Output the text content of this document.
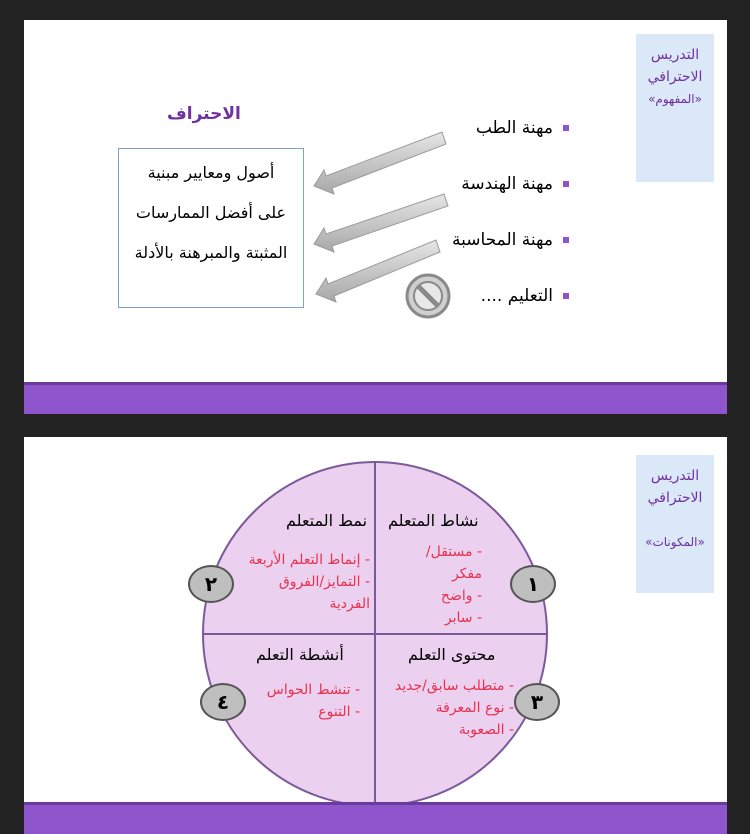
التدريس
الاحترافي

«المفهوم»
الاحتراف
أصول ومعايير مبنية
على أفضل الممارسات
المثبتة والمبرهنة بالأدلة
مهنة الطب
مهنة الهندسة
مهنة المحاسبة
التعليم ....
التدريس
الاحترافي

«المكونات»
نشاط المتعلم
- مستقل/مفكر
- واضح
- سابر
١
نمط المتعلم
- إنماط التعلم الأربعة
- التمايز/الفروق
الفردية
٢
محتوى التعلم
- متطلب سابق/جديد
- نوع المعرفة
- الصعوبة
٣
أنشطة التعلم
- تنشط الحواس
- التنوع
٤
